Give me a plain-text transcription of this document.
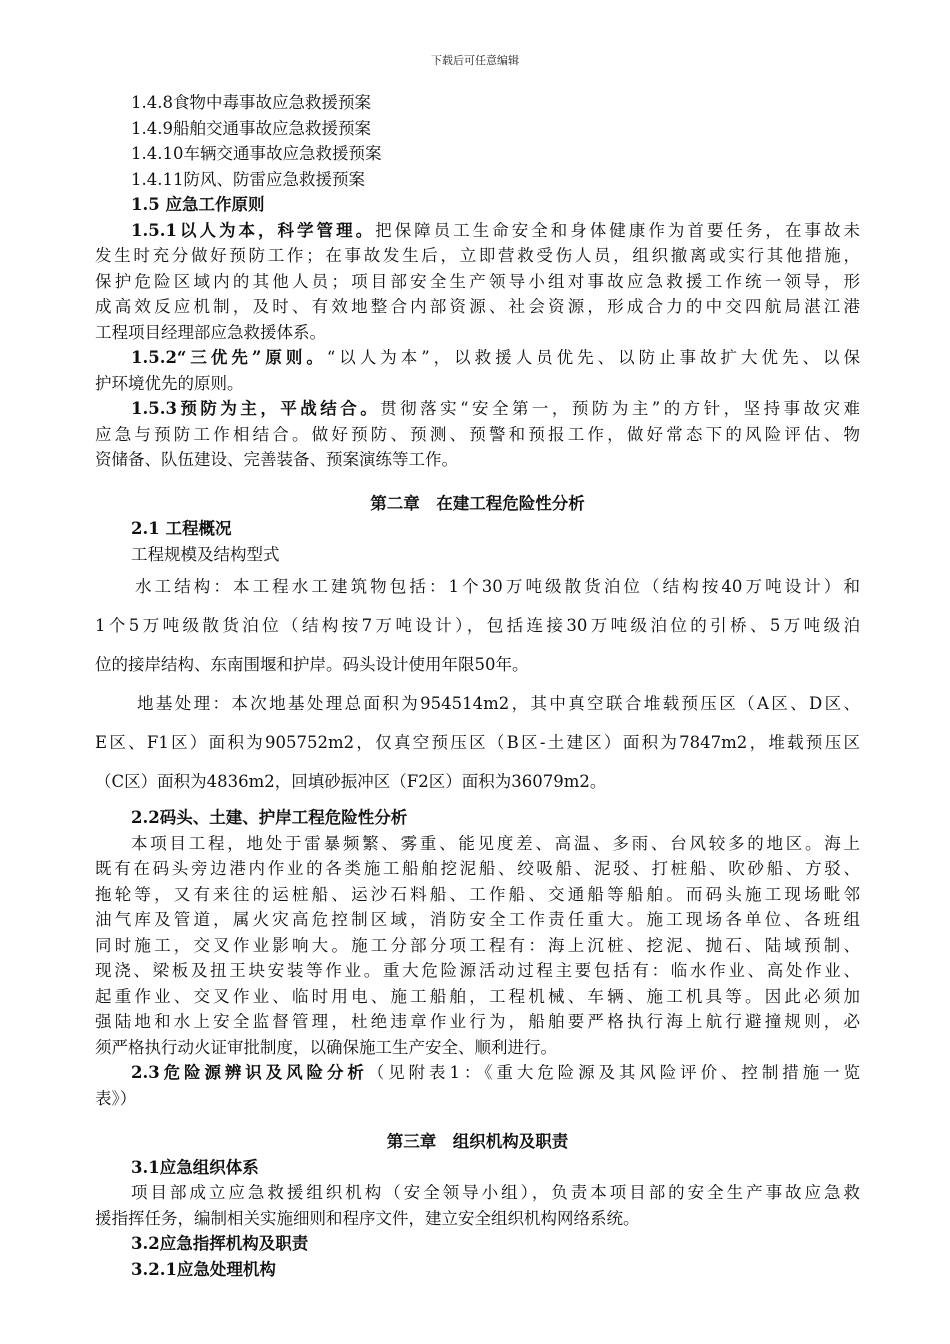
下载后可任意编辑
1.4.8食物中毒事故应急救援预案
1.4.9船舶交通事故应急救援预案
1.4.10车辆交通事故应急救援预案
1.4.11防风、防雷应急救援预案
1.5 应急工作原则
1.5.1以人为本，科学管理。把保障员工生命安全和身体健康作为首要任务，在事故未
发生时充分做好预防工作；在事故发生后，立即营救受伤人员，组织撤离或实行其他措施，
保护危险区域内的其他人员；项目部安全生产领导小组对事故应急救援工作统一领导，形
成高效反应机制，及时、有效地整合内部资源、社会资源，形成合力的中交四航局湛江港
工程项目经理部应急救援体系。
1.5.2“三优先”原则。“以人为本”，以救援人员优先、以防止事故扩大优先、以保
护环境优先的原则。
1.5.3预防为主，平战结合。贯彻落实“安全第一，预防为主”的方针，坚持事故灾难
应急与预防工作相结合。做好预防、预测、预警和预报工作，做好常态下的风险评估、物
资储备、队伍建设、完善装备、预案演练等工作。
第二章　在建工程危险性分析
2.1 工程概况
工程规模及结构型式
水工结构：本工程水工建筑物包括：1个30万吨级散货泊位（结构按40万吨设计）和
1个5万吨级散货泊位（结构按7万吨设计），包括连接30万吨级泊位的引桥、5万吨级泊
位的接岸结构、东南围堰和护岸。码头设计使用年限50年。
地基处理：本次地基处理总面积为954514m2，其中真空联合堆载预压区（A区、D区、
E区、F1区）面积为905752m2，仅真空预压区（B区-土建区）面积为7847m2，堆载预压区
（C区）面积为4836m2，回填砂振冲区（F2区）面积为36079m2。
2.2码头、土建、护岸工程危险性分析
本项目工程，地处于雷暴频繁、雾重、能见度差、高温、多雨、台风较多的地区。海上
既有在码头旁边港内作业的各类施工船舶挖泥船、绞吸船、泥驳、打桩船、吹砂船、方驳、
拖轮等，又有来往的运桩船、运沙石料船、工作船、交通船等船舶。而码头施工现场毗邻
油气库及管道，属火灾高危控制区域，消防安全工作责任重大。施工现场各单位、各班组
同时施工，交叉作业影响大。施工分部分项工程有：海上沉桩、挖泥、抛石、陆域预制、
现浇、梁板及扭王块安装等作业。重大危险源活动过程主要包括有：临水作业、高处作业、
起重作业、交叉作业、临时用电、施工船舶，工程机械、车辆、施工机具等。因此必须加
强陆地和水上安全监督管理，杜绝违章作业行为，船舶要严格执行海上航行避撞规则，必
须严格执行动火证审批制度，以确保施工生产安全、顺利进行。
2.3危险源辨识及风险分析（见附表1：《重大危险源及其风险评价、控制措施一览
表》）
第三章　组织机构及职责
3.1应急组织体系
项目部成立应急救援组织机构（安全领导小组），负责本项目部的安全生产事故应急救
援指挥任务，编制相关实施细则和程序文件，建立安全组织机构网络系统。
3.2应急指挥机构及职责
3.2.1应急处理机构
